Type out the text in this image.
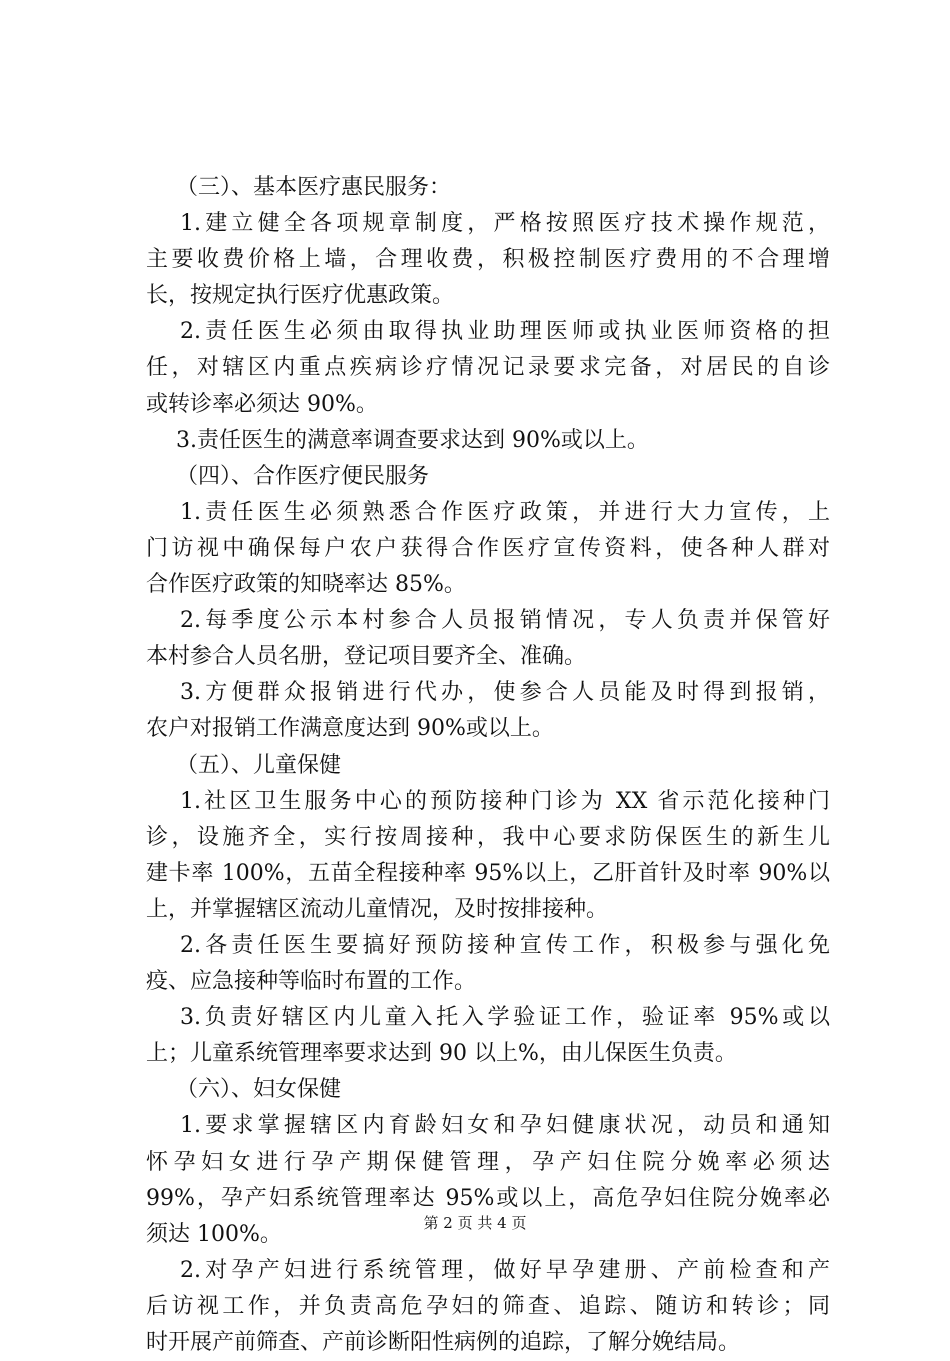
（三）、基本医疗惠民服务：
1.建立健全各项规章制度，严格按照医疗技术操作规范，
主要收费价格上墙，合理收费，积极控制医疗费用的不合理增
长，按规定执行医疗优惠政策。
2.责任医生必须由取得执业助理医师或执业医师资格的担
任，对辖区内重点疾病诊疗情况记录要求完备，对居民的自诊
或转诊率必须达 90%。
3.责任医生的满意率调查要求达到 90%或以上。
（四）、合作医疗便民服务
1.责任医生必须熟悉合作医疗政策，并进行大力宣传，上
门访视中确保每户农户获得合作医疗宣传资料，使各种人群对
合作医疗政策的知晓率达 85%。
2.每季度公示本村参合人员报销情况，专人负责并保管好
本村参合人员名册，登记项目要齐全、准确。
3.方便群众报销进行代办，使参合人员能及时得到报销，
农户对报销工作满意度达到 90%或以上。
（五）、儿童保健
1.社区卫生服务中心的预防接种门诊为 XX 省示范化接种门
诊，设施齐全，实行按周接种，我中心要求防保医生的新生儿
建卡率 100%，五苗全程接种率 95%以上，乙肝首针及时率 90%以
上，并掌握辖区流动儿童情况，及时按排接种。
2.各责任医生要搞好预防接种宣传工作，积极参与强化免
疫、应急接种等临时布置的工作。
3.负责好辖区内儿童入托入学验证工作，验证率 95%或以
上；儿童系统管理率要求达到 90 以上%，由儿保医生负责。
（六）、妇女保健
1.要求掌握辖区内育龄妇女和孕妇健康状况，动员和通知
怀孕妇女进行孕产期保健管理，孕产妇住院分娩率必须达
99%，孕产妇系统管理率达 95%或以上，高危孕妇住院分娩率必
须达 100%。
2.对孕产妇进行系统管理，做好早孕建册、产前检查和产
后访视工作，并负责高危孕妇的筛查、追踪、随访和转诊；同
时开展产前筛查、产前诊断阳性病例的追踪，了解分娩结局。
第 2 页 共 4 页
